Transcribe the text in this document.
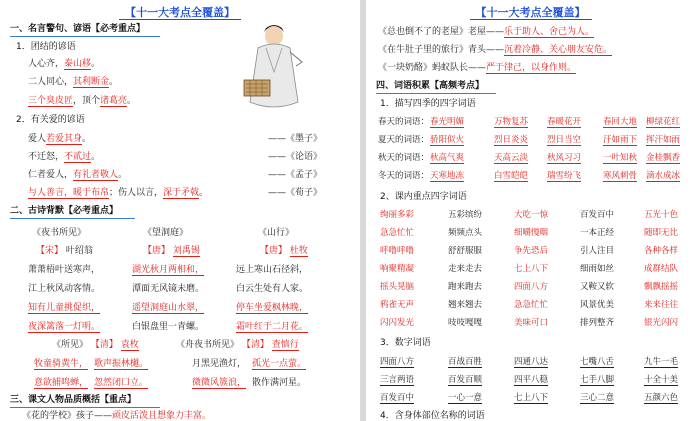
【十一大考点全覆盖】
一、名言警句、谚语【必考重点】
1．团结的谚语
人心齐，泰山移。
二人同心，其利断金。
三个臭皮匠，顶个诸葛亮。
2．有关爱的谚语
爱人若爱其身。	——《墨子》
不迁怒，不贰过。	——《论语》
仁者爱人，有礼者敬人。	——《孟子》
与人善言，暖于布帛；伤人以言，深于矛戟。	——《荀子》
二、古诗背默【必考重点】
《夜书所见》	《望洞庭》	《山行》
【宋】 叶绍翁	【唐】 刘禹锡	【唐】 杜牧
萧萧梧叶送寒声，
江上秋风动客情。
知有儿童挑促织，
夜深篱落一灯明。
湖光秋月两相和，
潭面无风镜未磨。
遥望洞庭山水翠，
白银盘里一青螺。
远上寒山石径斜，
白云生处有人家。
停车坐爱枫林晚，
霜叶红于二月花。
《所见》 【清】 袁枚	《舟夜书所见》 【清】 查慎行
牧童骑黄牛， 歌声振林樾。
意欲捕鸣蝉， 忽然闭口立。
月黑见渔灯， 孤光一点萤。
微微风簇浪， 散作满河星。
三、课文人物品质概括【重点】
《花的学校》孩子——顽皮活泼且想象力丰富。
【十一大考点全覆盖】
《总也倒不了的老屋》老屋——乐于助人、舍己为人。
《在牛肚子里的旅行》青头——沉着冷静、关心朋友安危。
《一块奶酪》蚂蚁队长——严于律己，以身作则。
四、词语积累【高频考点】
1．描写四季的四字词语
春天的词语： 春光明媚	万物复苏 春暖花开	春回大地 柳绿花红
夏天的词语： 骄阳似火	烈日炎炎 烈日当空	汗如雨下 挥汗如雨
秋天的词语： 秋高气爽	天高云淡 秋风习习	一叶知秋 金桂飘香
冬天的词语： 天寒地冻	白雪皑皑 瑞雪纷飞	寒风刺骨 滴水成冰
2、课内重点四字词语
绚丽多彩	五彩缤纷	大吃一惊	百发百中	五光十色
急急忙忙	频频点头	细嚼慢咽	一本正经	随即无比
呼噜呼噜	舒舒服服	争先恐后	引人注目	各种各样
响聚精凝	走来走去	七上八下	细雨如丝	成群结队
摇头晃脑	跑来跑去	四面八方	又鞍又软	飘飘摇摇
鸦雀无声	翘来翘去	急急忙忙	风景优美	来来往往
闪闪发光	吱吱嘎嘎	美味可口	排列整齐	银光闪闪
3．数字词语
四面八方	百战百胜	四通八达	七嘴八舌	九牛一毛
三言两语	百发百顺	四平八稳	七手八脚	十全十美
百发百中	一心一意	七上八下	三心二意	五颜六色
4．含身体部位名称的词语
